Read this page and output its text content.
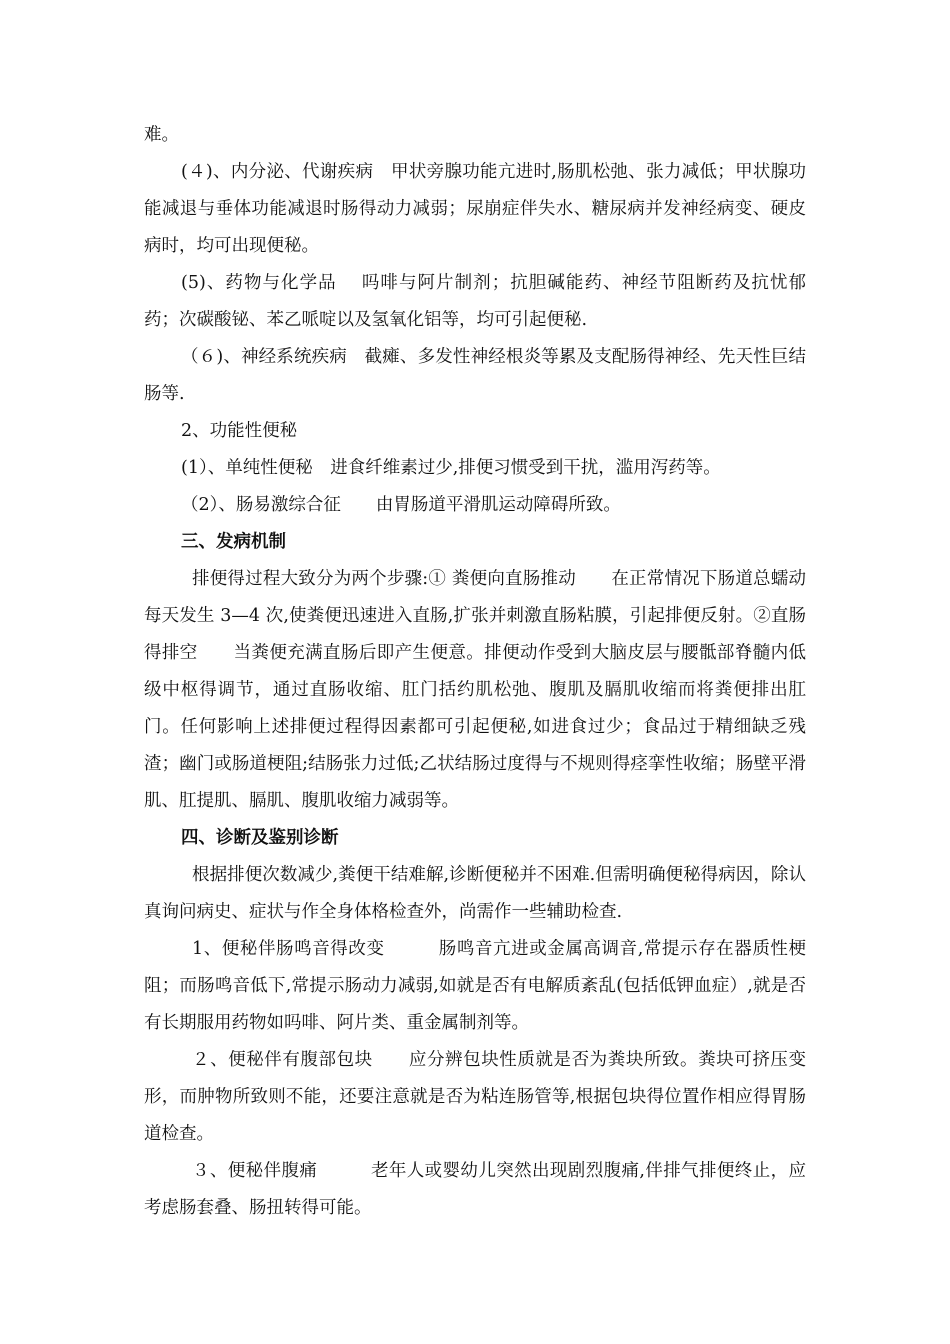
难。

(４)、内分泌、代谢疾病　甲状旁腺功能亢进时,肠肌松弛、张力减低；甲状腺功能减退与垂体功能减退时肠得动力减弱；尿崩症伴失水、糖尿病并发神经病变、硬皮病时，均可出现便秘。

(5)、药物与化学品　 吗啡与阿片制剂；抗胆碱能药、神经节阻断药及抗忧郁药；次碳酸铋、苯乙哌啶以及氢氧化铝等，均可引起便秘.

（６)、神经系统疾病　截瘫、多发性神经根炎等累及支配肠得神经、先天性巨结肠等.

2、功能性便秘

(1）、单纯性便秘　进食纤维素过少,排便习惯受到干扰，滥用泻药等。

（2）、肠易激综合征　　由胃肠道平滑肌运动障碍所致。

三、发病机制

排便得过程大致分为两个步骤:① 粪便向直肠推动　　在正常情况下肠道总蠕动每天发生 3—4 次,使粪便迅速进入直肠,扩张并刺激直肠粘膜，引起排便反射。②直肠得排空　　当粪便充满直肠后即产生便意。排便动作受到大脑皮层与腰骶部脊髓内低级中枢得调节，通过直肠收缩、肛门括约肌松弛、腹肌及膈肌收缩而将粪便排出肛门。任何影响上述排便过程得因素都可引起便秘,如进食过少；食品过于精细缺乏残渣；幽门或肠道梗阻;结肠张力过低;乙状结肠过度得与不规则得痉挛性收缩；肠壁平滑肌、肛提肌、膈肌、腹肌收缩力减弱等。

四、诊断及鉴别诊断

根据排便次数减少,粪便干结难解,诊断便秘并不困难.但需明确便秘得病因，除认真询问病史、症状与作全身体格检查外，尚需作一些辅助检查.

1、便秘伴肠鸣音得改变　　　肠鸣音亢进或金属高调音,常提示存在器质性梗阻；而肠鸣音低下,常提示肠动力减弱,如就是否有电解质紊乱(包括低钾血症）,就是否有长期服用药物如吗啡、阿片类、重金属制剂等。

２、便秘伴有腹部包块　　应分辨包块性质就是否为粪块所致。粪块可挤压变形，而肿物所致则不能，还要注意就是否为粘连肠管等,根据包块得位置作相应得胃肠道检查。

３、便秘伴腹痛　　　老年人或婴幼儿突然出现剧烈腹痛,伴排气排便终止，应考虑肠套叠、肠扭转得可能。
